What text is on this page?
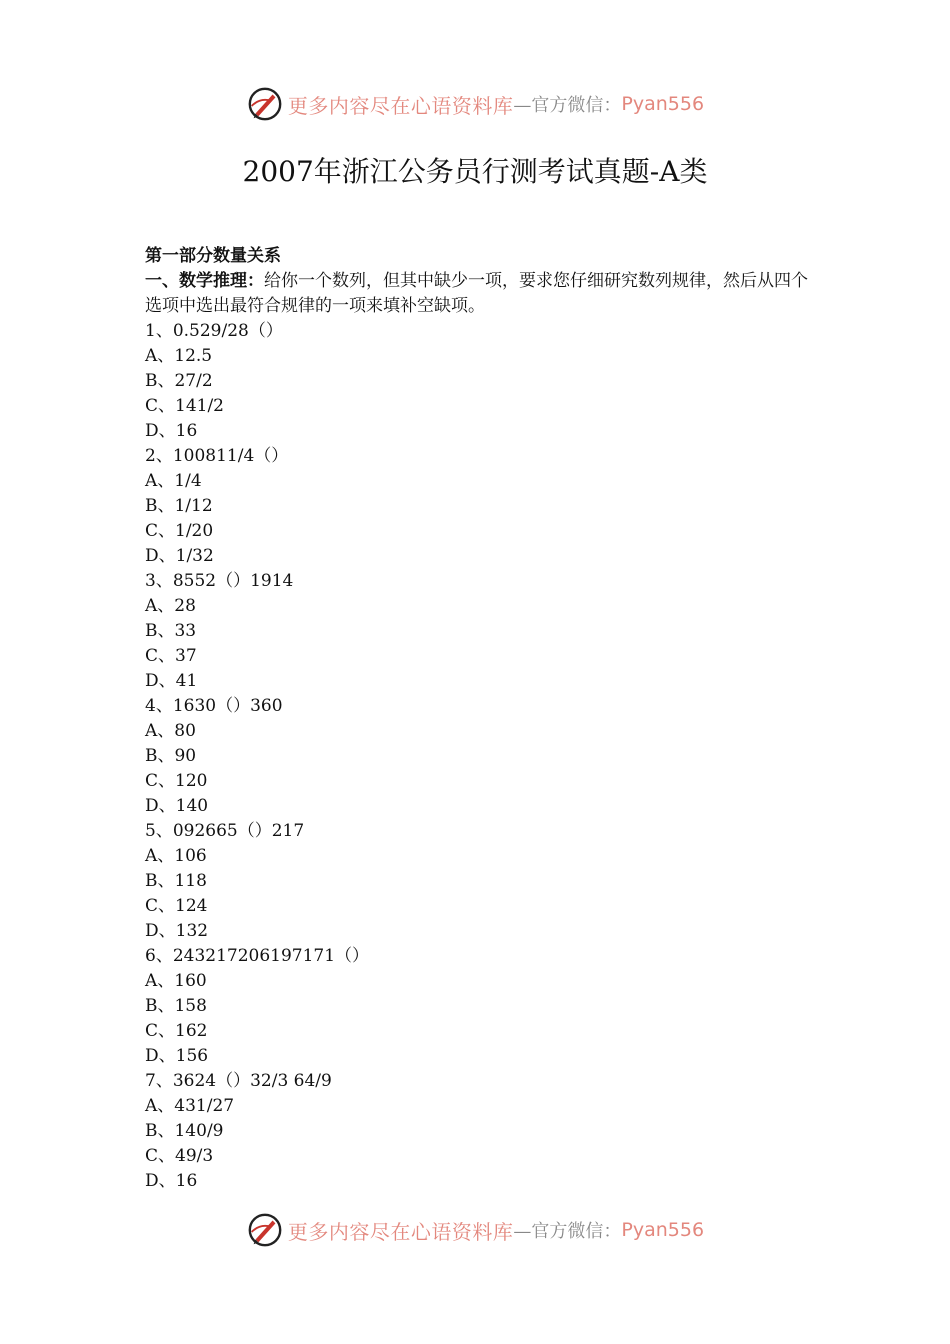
更多内容尽在心语资料库 —官方微信： Pyan556
2007年浙江公务员行测考试真题-A类
第一部分数量关系
一、数学推理：给你一个数列，但其中缺少一项，要求您仔细研究数列规律，然后从四个选项中选出最符合规律的一项来填补空缺项。
1、0.529/28（）
A、12.5
B、27/2
C、141/2
D、16
2、100811/4（）
A、1/4
B、1/12
C、1/20
D、1/32
3、8552（）1914
A、28
B、33
C、37
D、41
4、1630（）360
A、80
B、90
C、120
D、140
5、092665（）217
A、106
B、118
C、124
D、132
6、243217206197171（）
A、160
B、158
C、162
D、156
7、3624（）32/3 64/9
A、431/27
B、140/9
C、49/3
D、16
更多内容尽在心语资料库 —官方微信： Pyan556
